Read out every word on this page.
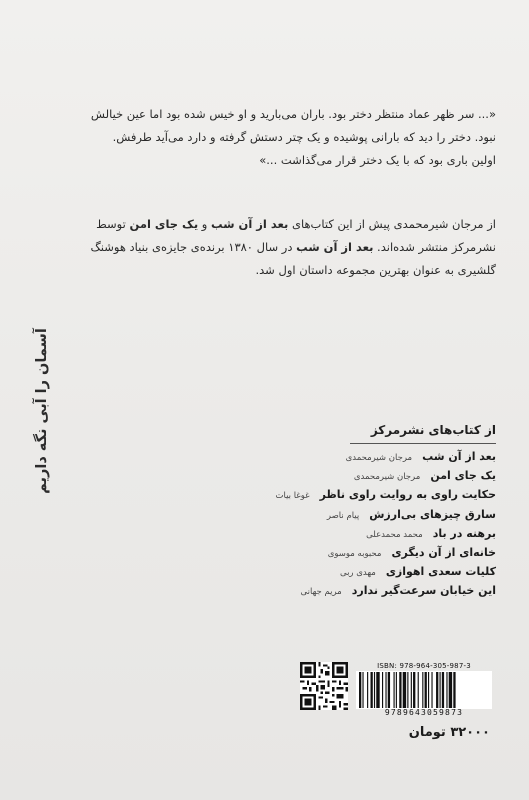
«... سر ظهر عماد منتظر دختر بود. باران می‌بارید و او خیس شده بود اما عین خیالش

نبود. دختر را دید که بارانی پوشیده و یک چتر دستش گرفته و دارد می‌آید طرفش.

اولین باری بود که با یک دختر قرار می‌گذاشت ...»

از مرجان شیرمحمدی پیش از این کتاب‌های بعد از آن شب و یک جای امن توسط

نشرمرکز منتشر شده‌اند. بعد از آن شب در سال ۱۳۸۰ برنده‌ی جایزه‌ی بنیاد هوشنگ

گلشیری به عنوان بهترین مجموعه داستان اول شد.

آسمان را آبی نگه داریم	از کتاب‌های نشرمرکز
بعد از آن شب
مرجان شیرمحمدی
یک جای امن
مرجان شیرمحمدی
حکایت راوی به روایت راوی ناظر
غوغا بیات
سارق چیزهای بی‌ارزش
پیام ناصر
برهنه در باد
محمد محمدعلی
خانه‌ای از آن دیگری
محبوبه موسوی
کلیات سعدی اهوازی
مهدی ربی
این خیابان سرعت‌گیر ندارد
مریم جهانی
ISBN: 978-964-305-987-3
9789643059873
۳۲۰۰۰ تومان
